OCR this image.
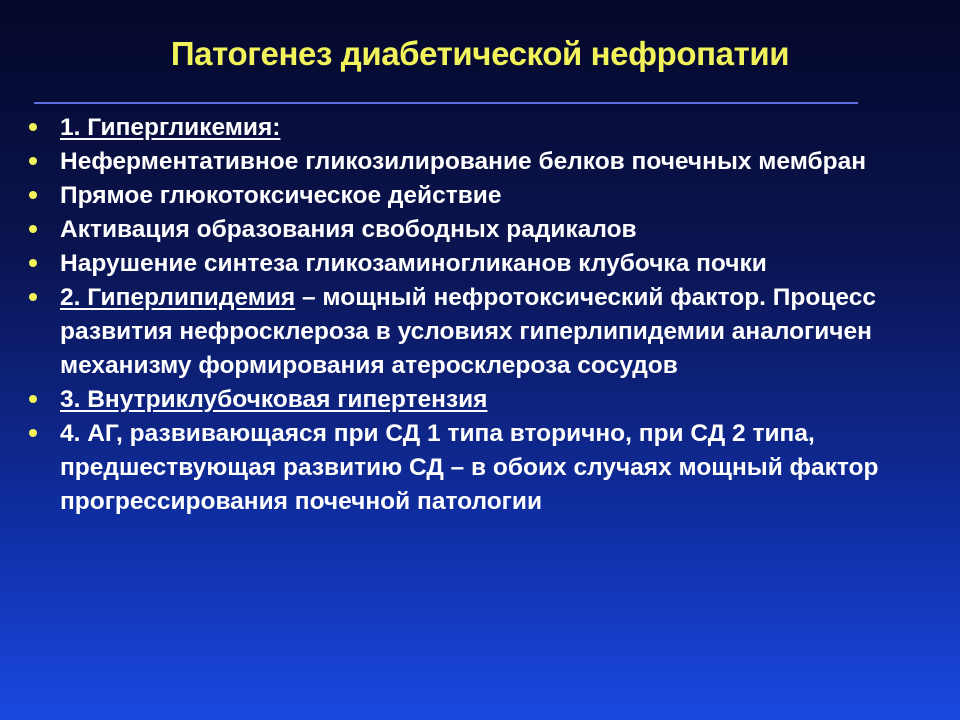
Патогенез диабетической нефропатии
1. Гипергликемия:
Неферментативное гликозилирование белков почечных мембран
Прямое глюкотоксическое действие
Активация образования свободных радикалов
Нарушение синтеза гликозаминогликанов клубочка почки
2. Гиперлипидемия – мощный нефротоксический фактор. Процесс развития нефросклероза в условиях гиперлипидемии аналогичен механизму формирования атеросклероза сосудов
3. Внутриклубочковая гипертензия
4. АГ, развивающаяся при СД 1 типа вторично, при СД 2 типа, предшествующая развитию СД – в обоих случаях мощный фактор прогрессирования почечной патологии
